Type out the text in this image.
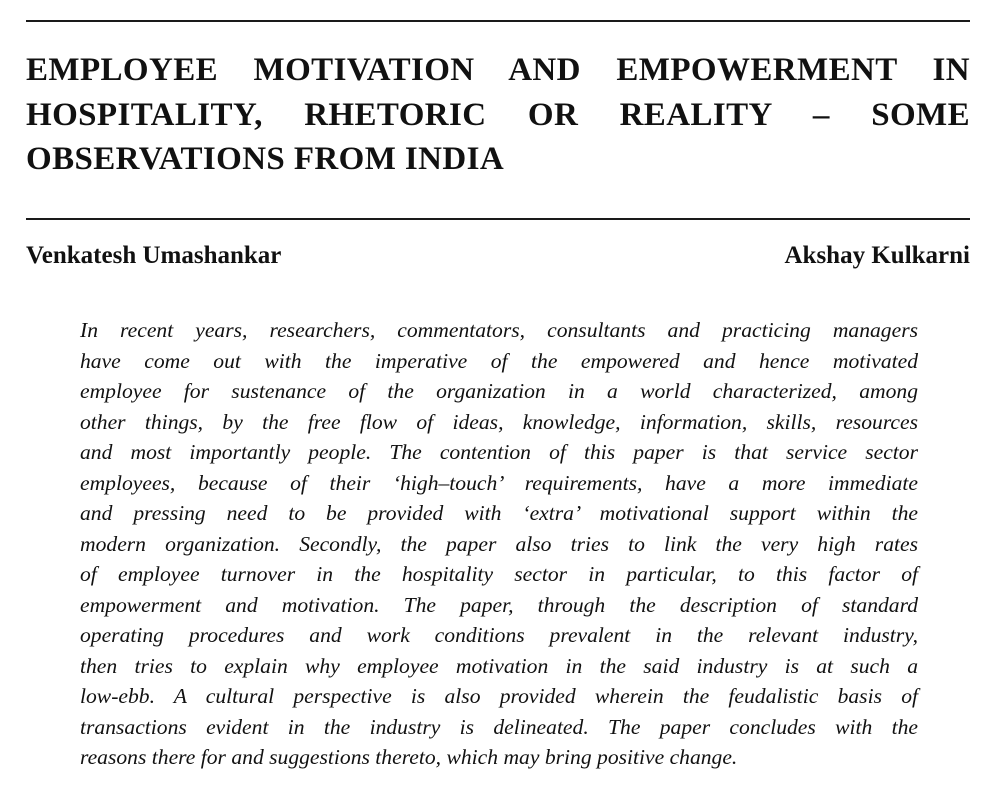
EMPLOYEE MOTIVATION AND EMPOWERMENT IN
HOSPITALITY, RHETORIC OR REALITY – SOME
OBSERVATIONS FROM INDIA
Venkatesh Umashankar	Akshay Kulkarni

In recent years, researchers, commentators, consultants and practicing managers
have come out with the imperative of the empowered and hence motivated
employee for sustenance of the organization in a world characterized, among
other things, by the free flow of ideas, knowledge, information, skills, resources
and most importantly people. The contention of this paper is that service sector
employees, because of their ‘high–touch’ requirements, have a more immediate
and pressing need to be provided with ‘extra’ motivational support within the
modern organization. Secondly, the paper also tries to link the very high rates
of employee turnover in the hospitality sector in particular, to this factor of
empowerment and motivation. The paper, through the description of standard
operating procedures and work conditions prevalent in the relevant industry,
then tries to explain why employee motivation in the said industry is at such a
low-ebb. A cultural perspective is also provided wherein the feudalistic basis of
transactions evident in the industry is delineated. The paper concludes with the
reasons there for and suggestions thereto, which may bring positive change.
